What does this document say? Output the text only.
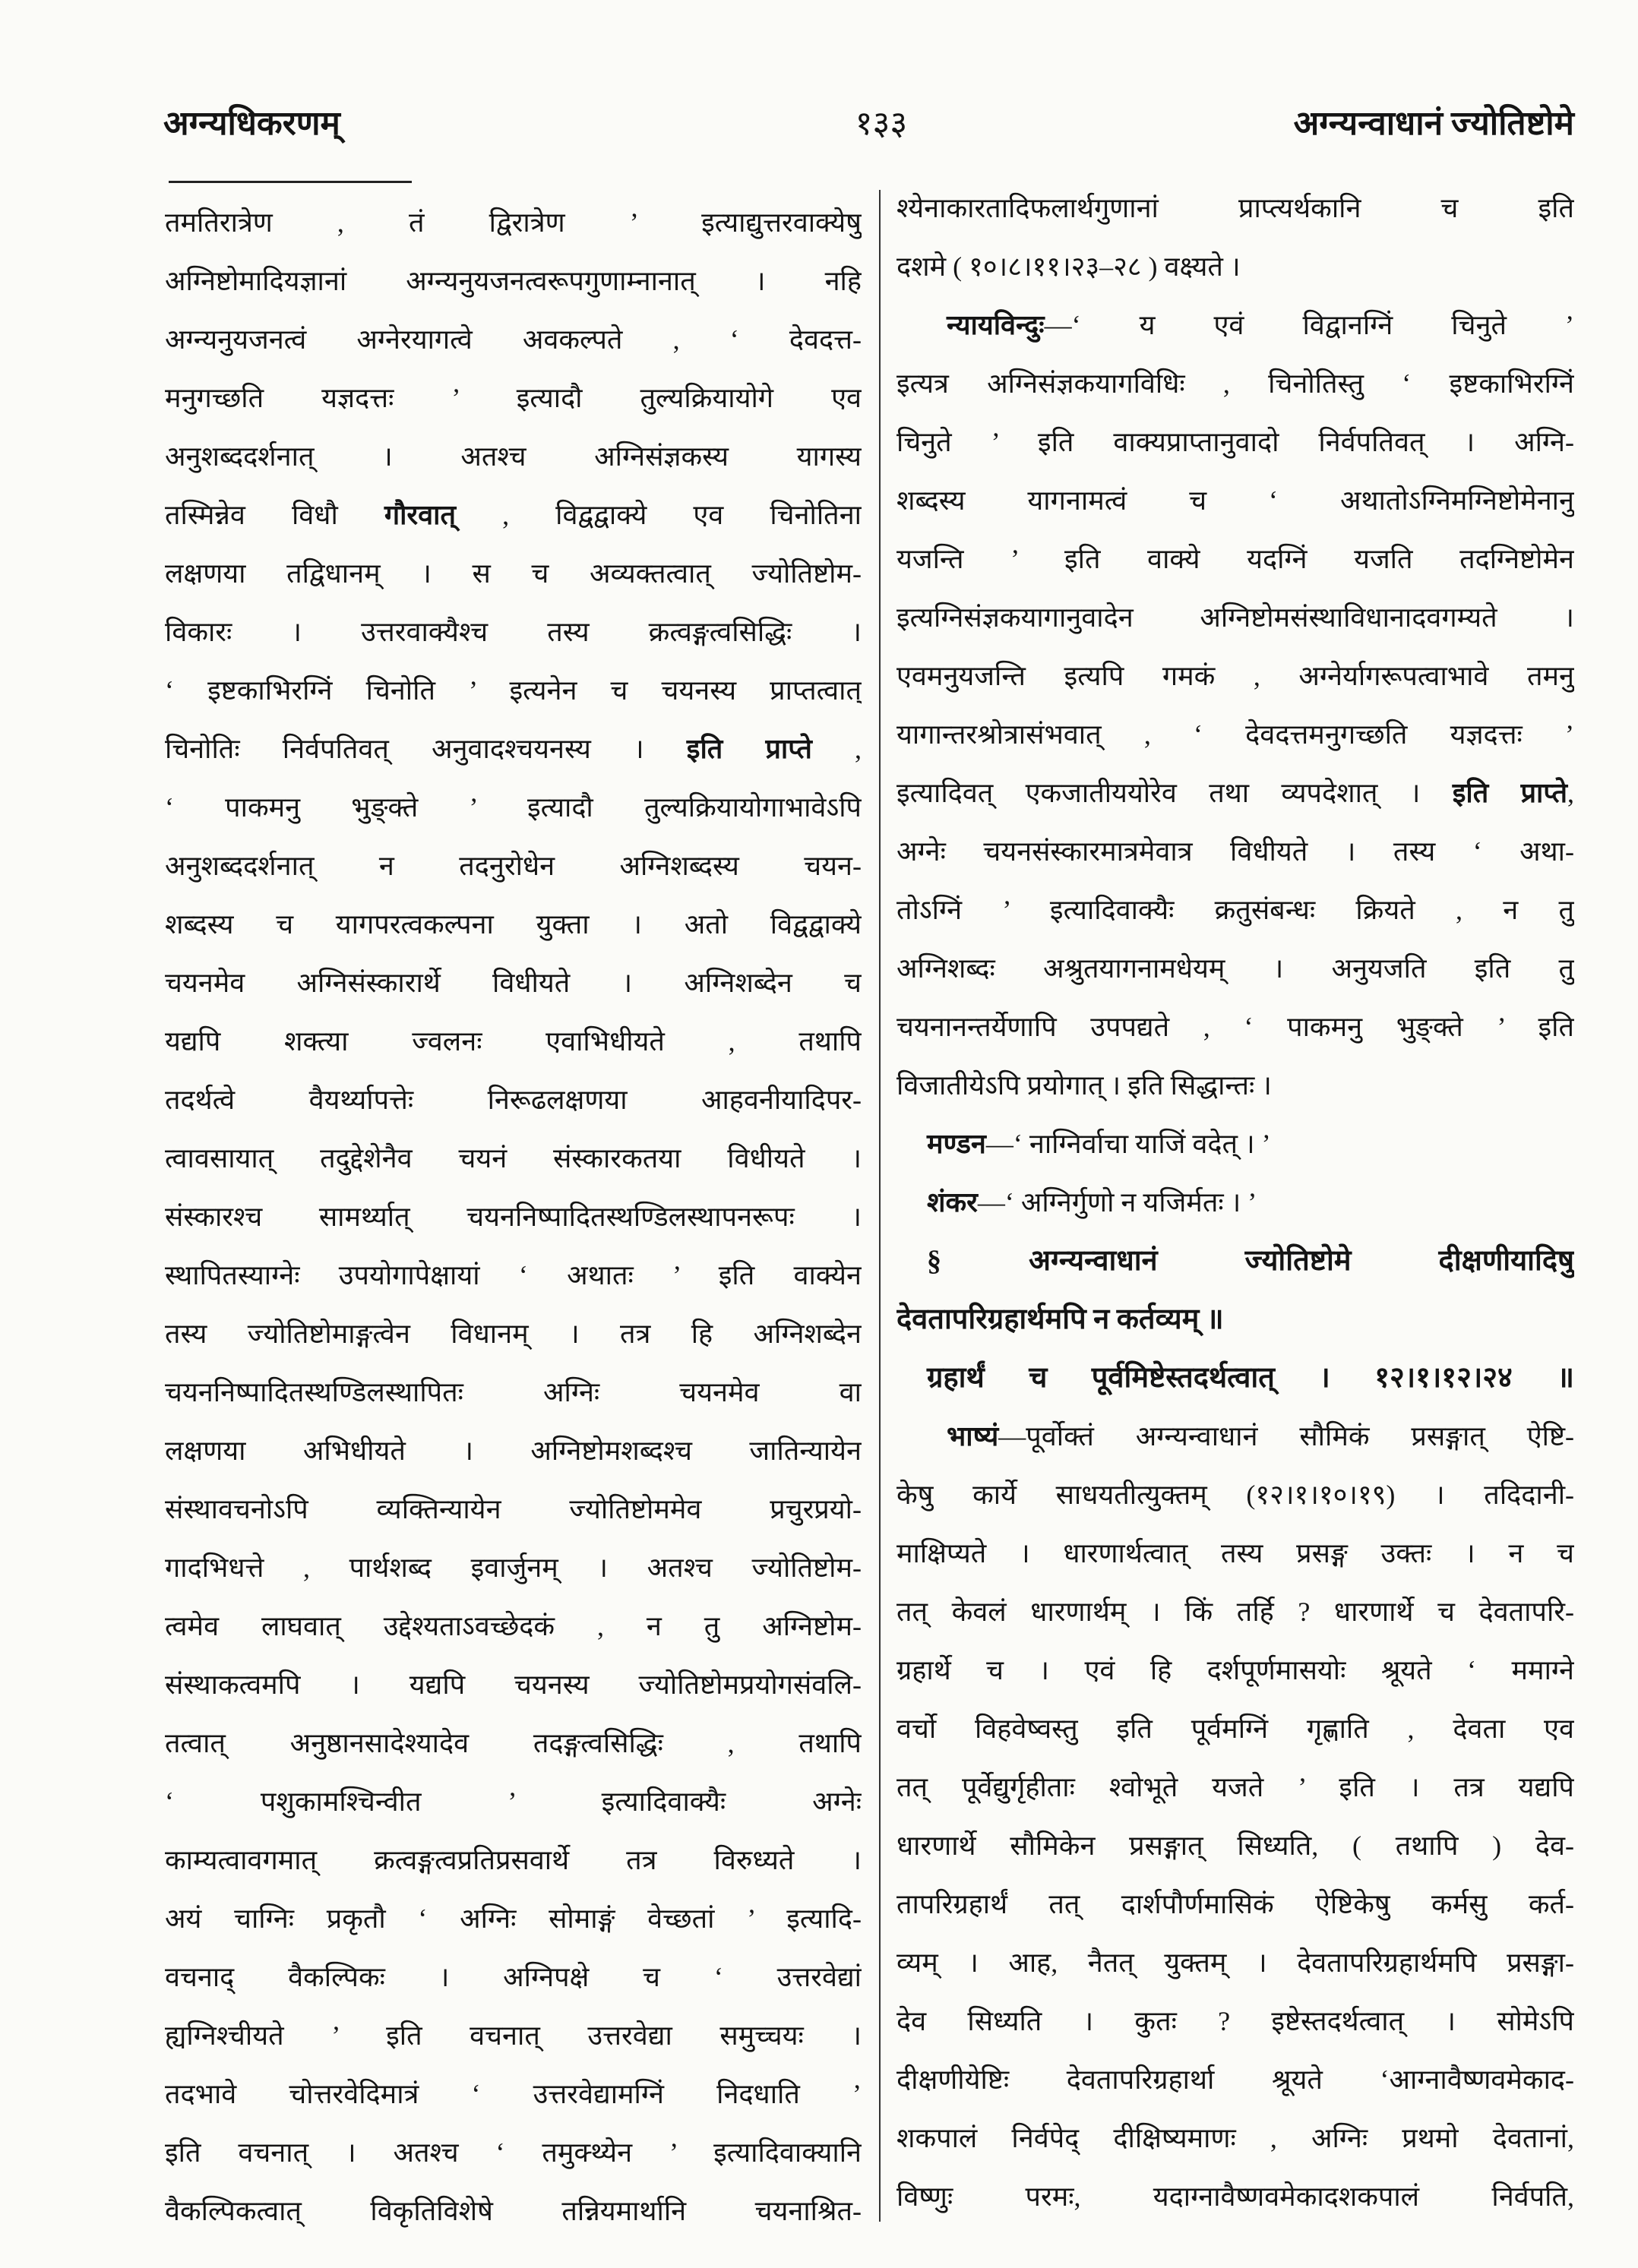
अग्न्यधिकरणम्	१३३	अग्न्यन्वाधानं ज्योतिष्टोमे
तमतिरात्रेण , तं द्विरात्रेण ’ इत्याद्युत्तरवाक्येषु
अग्निष्टोमादियज्ञानां अग्न्यनुयजनत्वरूपगुणाम्नानात् । नहि
अग्न्यनुयजनत्वं अग्नेरयागत्वे अवकल्पते , ‘ देवदत्त-
मनुगच्छति यज्ञदत्तः ’ इत्यादौ तुल्यक्रियायोगे एव
अनुशब्ददर्शनात् । अतश्च अग्निसंज्ञकस्य यागस्य
तस्मिन्नेव विधौ गौरवात् , विद्वद्वाक्ये एव चिनोतिना
लक्षणया तद्विधानम् । स च अव्यक्तत्वात् ज्योतिष्टोम-
विकारः । उत्तरवाक्यैश्च तस्य क्रत्वङ्गत्वसिद्धिः ।
‘ इष्टकाभिरग्निं चिनोति ’ इत्यनेन च चयनस्य प्राप्तत्वात्
चिनोतिः निर्वपतिवत् अनुवादश्चयनस्य । इति प्राप्ते ,
‘ पाकमनु भुङ्क्ते ’ इत्यादौ तुल्यक्रियायोगाभावेऽपि
अनुशब्ददर्शनात् न तदनुरोधेन अग्निशब्दस्य चयन-
शब्दस्य च यागपरत्वकल्पना युक्ता । अतो विद्वद्वाक्ये
चयनमेव अग्निसंस्कारार्थे विधीयते । अग्निशब्देन च
यद्यपि शक्त्या ज्वलनः एवाभिधीयते , तथापि
तदर्थत्वे वैयर्थ्यापत्तेः निरूढलक्षणया आहवनीयादिपर-
त्वावसायात् तदुद्देशेनैव चयनं संस्कारकतया विधीयते ।
संस्कारश्च सामर्थ्यात् चयननिष्पादितस्थण्डिलस्थापनरूपः ।
स्थापितस्याग्नेः उपयोगापेक्षायां ‘ अथातः ’ इति वाक्येन
तस्य ज्योतिष्टोमाङ्गत्वेन विधानम् । तत्र हि अग्निशब्देन
चयननिष्पादितस्थण्डिलस्थापितः अग्निः चयनमेव वा
लक्षणया अभिधीयते । अग्निष्टोमशब्दश्च जातिन्यायेन
संस्थावचनोऽपि व्यक्तिन्यायेन ज्योतिष्टोममेव प्रचुरप्रयो-
गादभिधत्ते , पार्थशब्द इवार्जुनम् । अतश्च ज्योतिष्टोम-
त्वमेव लाघवात् उद्देश्यताऽवच्छेदकं , न तु अग्निष्टोम-
संस्थाकत्वमपि । यद्यपि चयनस्य ज्योतिष्टोमप्रयोगसंवलि-
तत्वात् अनुष्ठानसादेश्यादेव तदङ्गत्वसिद्धिः , तथापि
‘ पशुकामश्चिन्वीत ’ इत्यादिवाक्यैः अग्नेः
काम्यत्वावगमात् क्रत्वङ्गत्वप्रतिप्रसवार्थे तत्र विरुध्यते ।
अयं चाग्निः प्रकृतौ ‘ अग्निः सोमाङ्गं वेच्छतां ’ इत्यादि-
वचनाद् वैकल्पिकः । अग्निपक्षे च ‘ उत्तरवेद्यां
ह्यग्निश्चीयते ’ इति वचनात् उत्तरवेद्या समुच्चयः ।
तदभावे चोत्तरवेदिमात्रं ‘ उत्तरवेद्यामग्निं निदधाति ’
इति वचनात् । अतश्च ‘ तमुक्थ्येन ’ इत्यादिवाक्यानि
वैकल्पिकत्वात् विकृतिविशेषे तन्नियमार्थानि चयनाश्रित-
श्येनाकारतादिफलार्थगुणानां प्राप्त्यर्थकानि च इति
दशमे ( १०।८।११।२३–२८ ) वक्ष्यते ।
न्यायविन्दुः—‘ य एवं विद्वानग्निं चिनुते ’
इत्यत्र अग्निसंज्ञकयागविधिः , चिनोतिस्तु ‘ इष्टकाभिरग्निं
चिनुते ’ इति वाक्यप्राप्तानुवादो निर्वपतिवत् । अग्नि-
शब्दस्य यागनामत्वं च ‘ अथातोऽग्निमग्निष्टोमेनानु
यजन्ति ’ इति वाक्ये यदग्निं यजति तदग्निष्टोमेन
इत्यग्निसंज्ञकयागानुवादेन अग्निष्टोमसंस्थाविधानादवगम्यते ।
एवमनुयजन्ति इत्यपि गमकं , अग्नेर्यागरूपत्वाभावे तमनु
यागान्तरश्रोत्रासंभवात् , ‘ देवदत्तमनुगच्छति यज्ञदत्तः ’
इत्यादिवत् एकजातीययोरेव तथा व्यपदेशात् । इति प्राप्ते,
अग्नेः चयनसंस्कारमात्रमेवात्र विधीयते । तस्य ‘ अथा-
तोऽग्निं ’ इत्यादिवाक्यैः क्रतुसंबन्धः क्रियते , न तु
अग्निशब्दः अश्रुतयागनामधेयम् । अनुयजति इति तु
चयनानन्तर्येणापि उपपद्यते , ‘ पाकमनु भुङ्क्ते ’ इति
विजातीयेऽपि प्रयोगात् । इति सिद्धान्तः ।
मण्डन—‘ नाग्निर्वाचा याजिं वदेत् । ’
शंकर—‘ अग्निर्गुणो न यजिर्मतः । ’
§ अग्न्यन्वाधानं ज्योतिष्टोमे दीक्षणीयादिषु
देवतापरिग्रहार्थमपि न कर्तव्यम् ॥
ग्रहार्थं च पूर्वमिष्टेस्तदर्थत्वात् । १२।१।१२।२४ ॥
भाष्यं—पूर्वोक्तं अग्न्यन्वाधानं सौमिकं प्रसङ्गात् ऐष्टि-
केषु कार्ये साधयतीत्युक्तम् (१२।१।१०।१९) । तदिदानी-
माक्षिप्यते । धारणार्थत्वात् तस्य प्रसङ्ग उक्तः । न च
तत् केवलं धारणार्थम् । किं तर्हि ? धारणार्थे च देवतापरि-
ग्रहार्थे च । एवं हि दर्शपूर्णमासयोः श्रूयते ‘ ममाग्ने
वर्चो विहवेष्वस्तु इति पूर्वमग्निं गृह्णाति , देवता एव
तत् पूर्वेद्युर्गृहीताः श्वोभूते यजते ’ इति । तत्र यद्यपि
धारणार्थे सौमिकेन प्रसङ्गात् सिध्यति, ( तथापि ) देव-
तापरिग्रहार्थं तत् दार्शपौर्णमासिकं ऐष्टिकेषु कर्मसु कर्त-
व्यम् । आह, नैतत् युक्तम् । देवतापरिग्रहार्थमपि प्रसङ्गा-
देव सिध्यति । कुतः ? इष्टेस्तदर्थत्वात् । सोमेऽपि
दीक्षणीयेष्टिः देवतापरिग्रहार्था श्रूयते ‘आग्नावैष्णवमेकाद-
शकपालं निर्वपेद् दीक्षिष्यमाणः , अग्निः प्रथमो देवतानां,
विष्णुः परमः, यदाग्नावैष्णवमेकादशकपालं निर्वपति,
